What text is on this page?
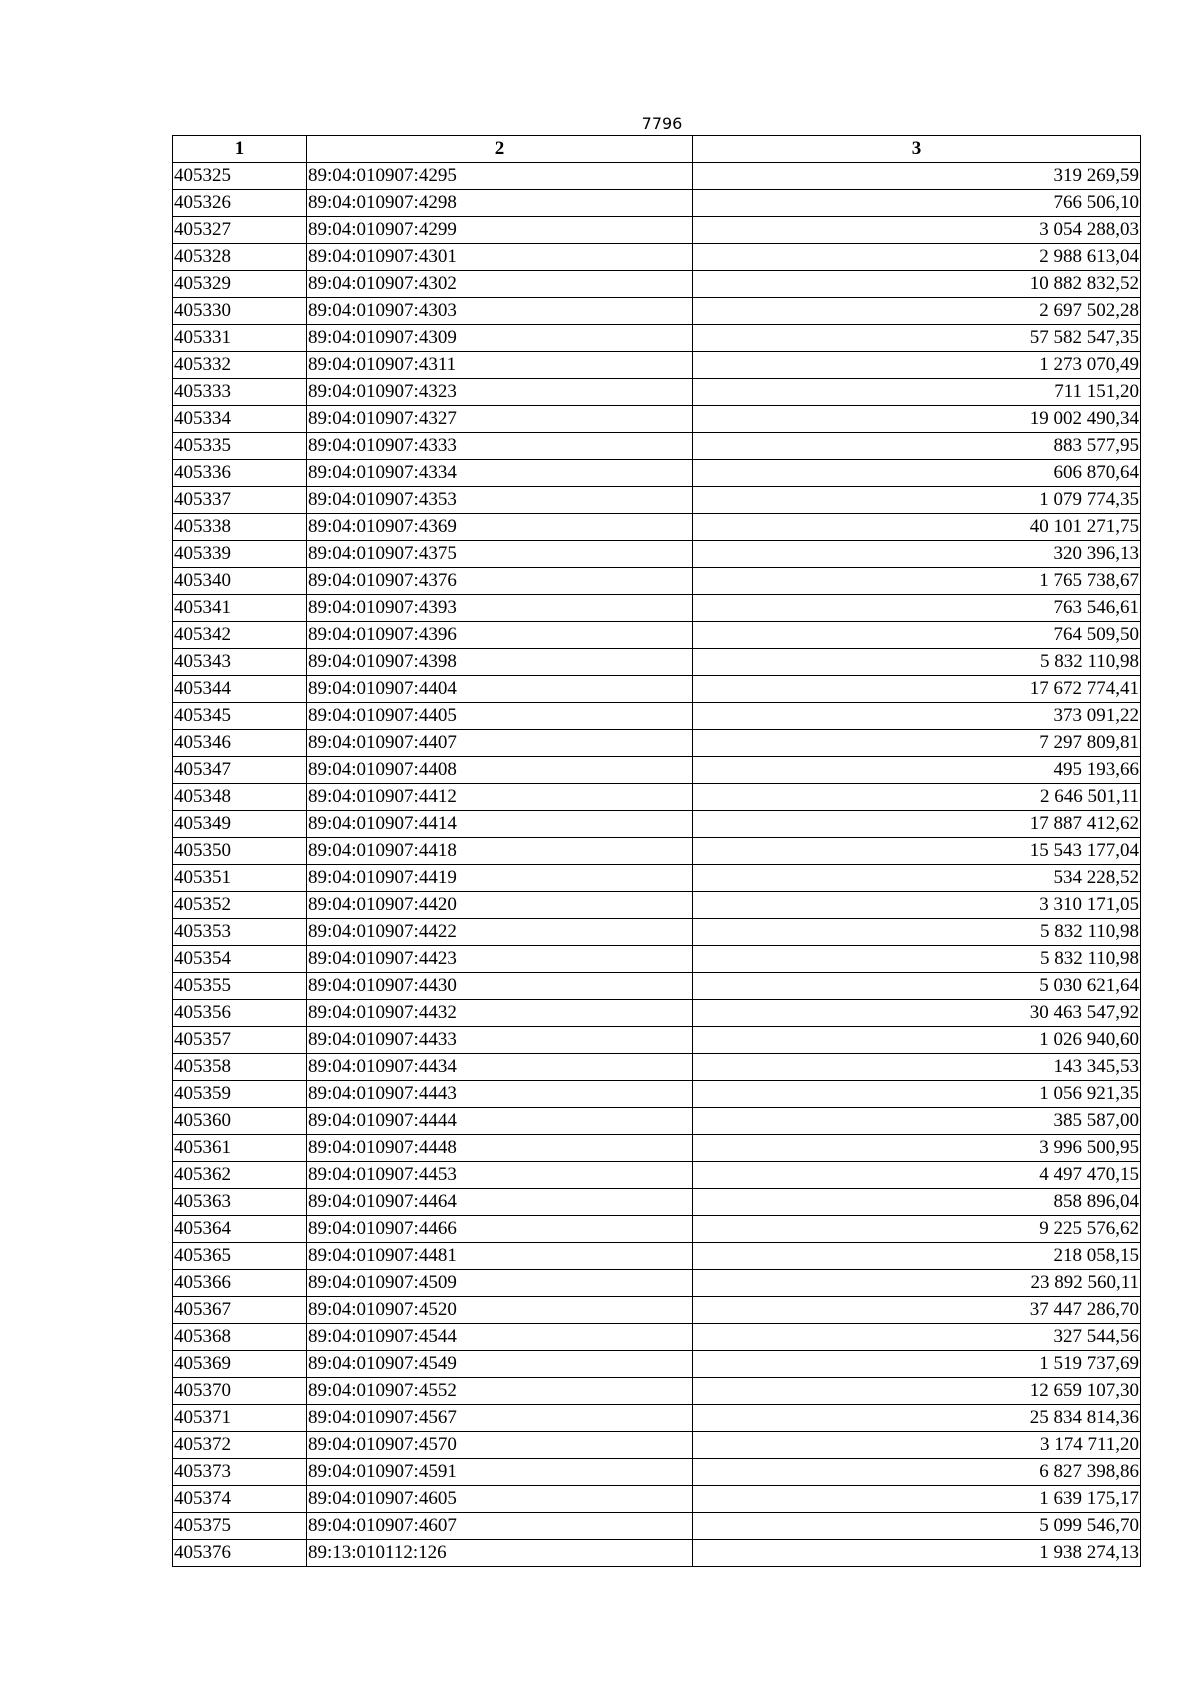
7796
1	2	3
405325	89:04:010907:4295	319 269,59
405326	89:04:010907:4298	766 506,10
405327	89:04:010907:4299	3 054 288,03
405328	89:04:010907:4301	2 988 613,04
405329	89:04:010907:4302	10 882 832,52
405330	89:04:010907:4303	2 697 502,28
405331	89:04:010907:4309	57 582 547,35
405332	89:04:010907:4311	1 273 070,49
405333	89:04:010907:4323	711 151,20
405334	89:04:010907:4327	19 002 490,34
405335	89:04:010907:4333	883 577,95
405336	89:04:010907:4334	606 870,64
405337	89:04:010907:4353	1 079 774,35
405338	89:04:010907:4369	40 101 271,75
405339	89:04:010907:4375	320 396,13
405340	89:04:010907:4376	1 765 738,67
405341	89:04:010907:4393	763 546,61
405342	89:04:010907:4396	764 509,50
405343	89:04:010907:4398	5 832 110,98
405344	89:04:010907:4404	17 672 774,41
405345	89:04:010907:4405	373 091,22
405346	89:04:010907:4407	7 297 809,81
405347	89:04:010907:4408	495 193,66
405348	89:04:010907:4412	2 646 501,11
405349	89:04:010907:4414	17 887 412,62
405350	89:04:010907:4418	15 543 177,04
405351	89:04:010907:4419	534 228,52
405352	89:04:010907:4420	3 310 171,05
405353	89:04:010907:4422	5 832 110,98
405354	89:04:010907:4423	5 832 110,98
405355	89:04:010907:4430	5 030 621,64
405356	89:04:010907:4432	30 463 547,92
405357	89:04:010907:4433	1 026 940,60
405358	89:04:010907:4434	143 345,53
405359	89:04:010907:4443	1 056 921,35
405360	89:04:010907:4444	385 587,00
405361	89:04:010907:4448	3 996 500,95
405362	89:04:010907:4453	4 497 470,15
405363	89:04:010907:4464	858 896,04
405364	89:04:010907:4466	9 225 576,62
405365	89:04:010907:4481	218 058,15
405366	89:04:010907:4509	23 892 560,11
405367	89:04:010907:4520	37 447 286,70
405368	89:04:010907:4544	327 544,56
405369	89:04:010907:4549	1 519 737,69
405370	89:04:010907:4552	12 659 107,30
405371	89:04:010907:4567	25 834 814,36
405372	89:04:010907:4570	3 174 711,20
405373	89:04:010907:4591	6 827 398,86
405374	89:04:010907:4605	1 639 175,17
405375	89:04:010907:4607	5 099 546,70
405376	89:13:010112:126	1 938 274,13
